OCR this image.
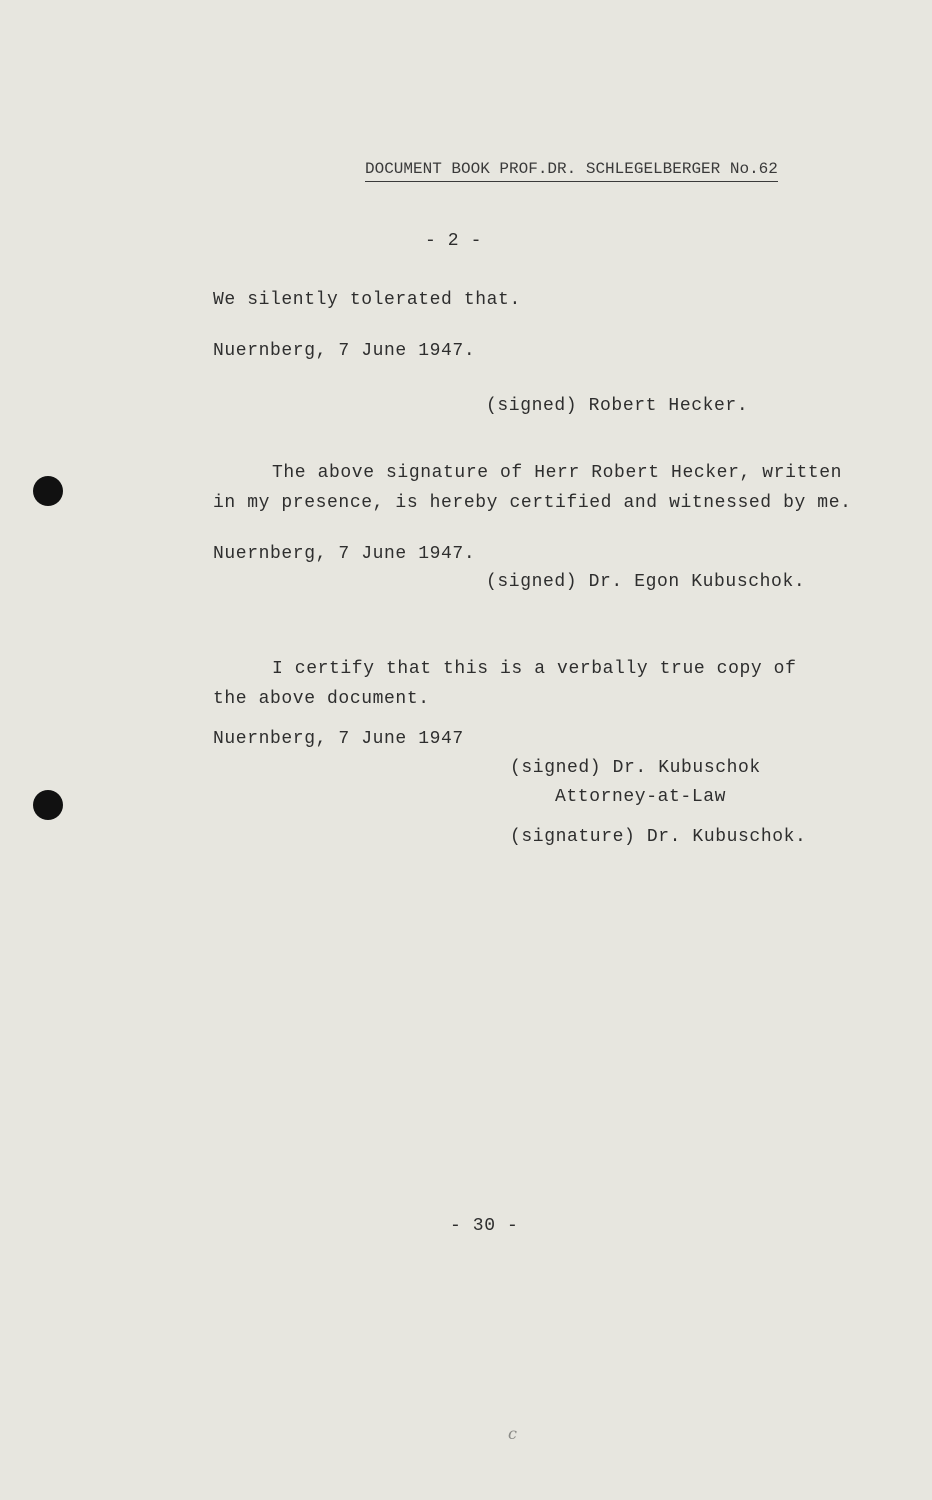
DOCUMENT BOOK PROF.DR. SCHLEGELBERGER No.62
- 2 -
We silently tolerated that.
Nuernberg, 7 June 1947.
(signed) Robert Hecker.
The above signature of Herr Robert Hecker, written
in my presence, is hereby certified and witnessed by me.
Nuernberg, 7 June 1947.
(signed) Dr. Egon Kubuschok.
I certify that this is a verbally true copy of
the above document.
Nuernberg, 7 June 1947
(signed) Dr. Kubuschok
Attorney-at-Law
(signature) Dr. Kubuschok.
- 30 -
c
